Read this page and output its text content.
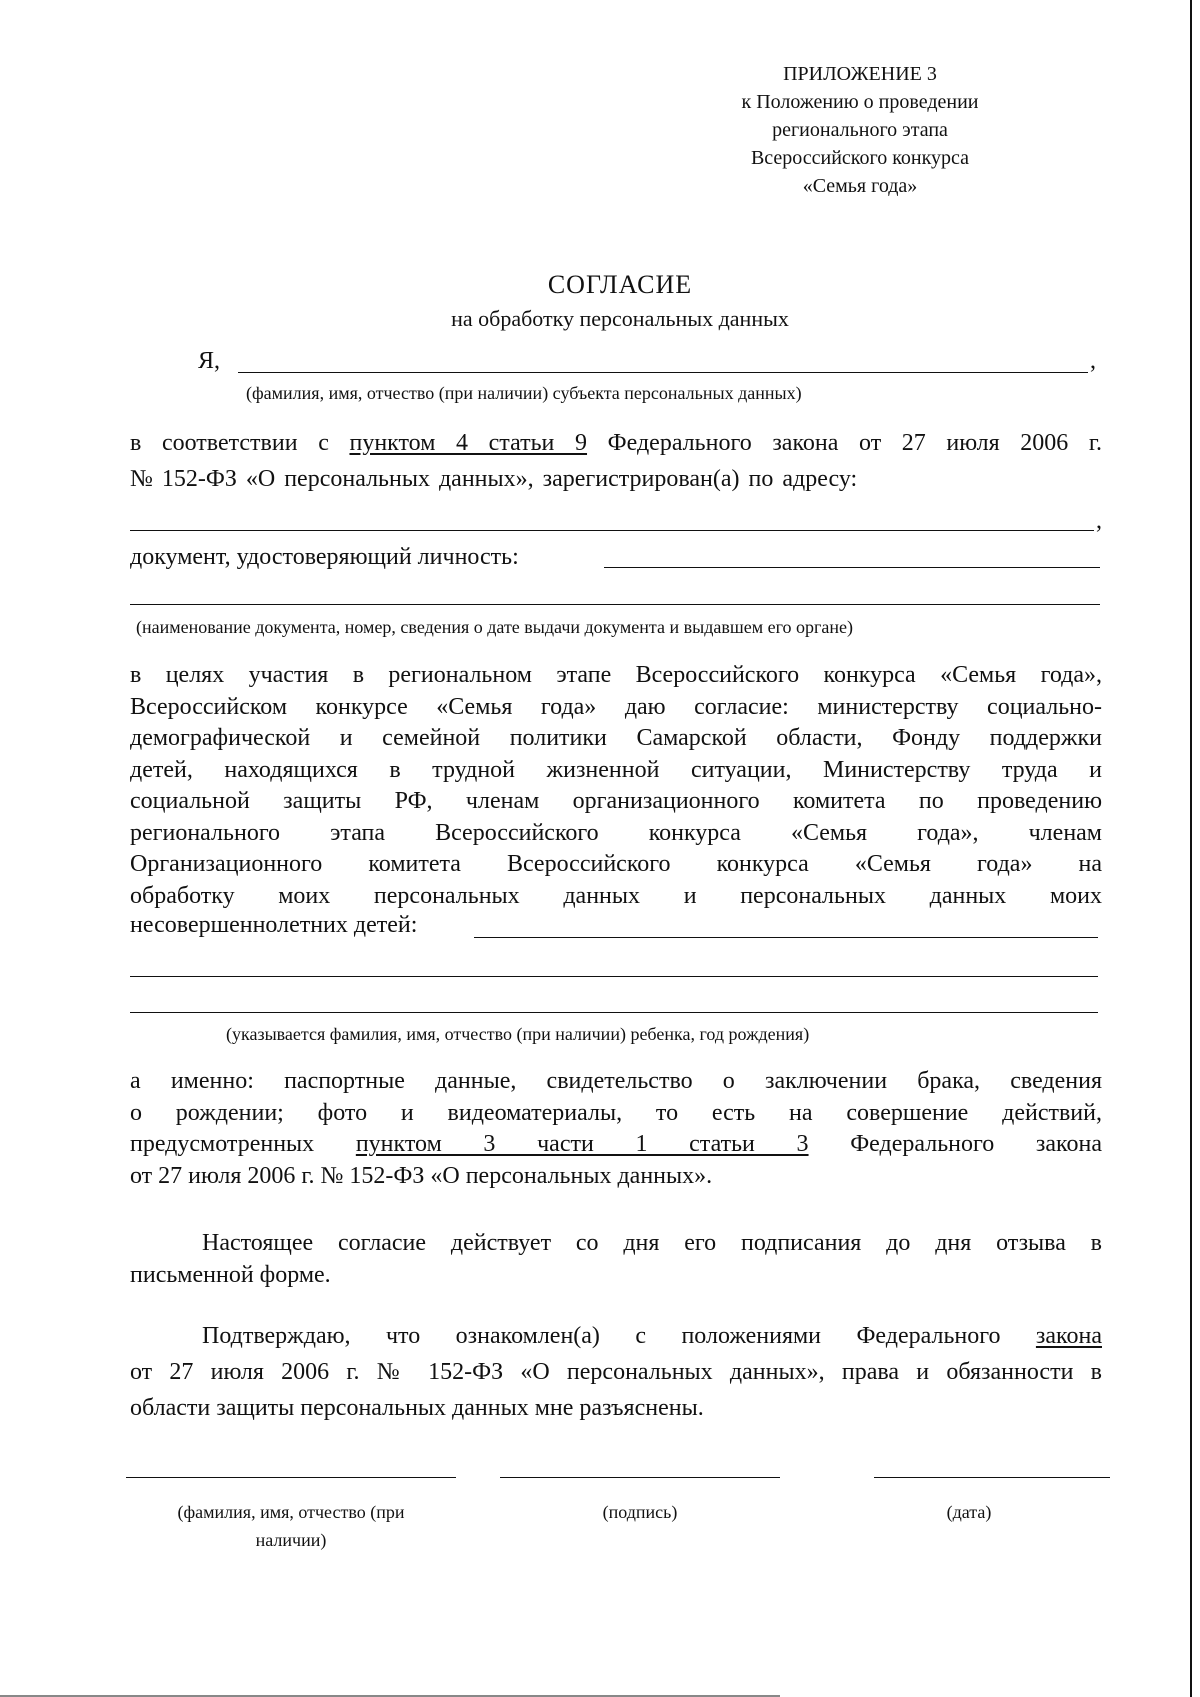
ПРИЛОЖЕНИЕ 3
к Положению о проведении
регионального этапа
Всероссийского конкурса
«Семья года»
СОГЛАСИЕ
на обработку персональных данных
Я,	,
(фамилия, имя, отчество (при наличии) субъекта персональных данных)
в соответствии с пунктом 4 статьи 9 Федерального закона от 27 июля 2006 г.
№ 152-ФЗ «О персональных данных», зарегистрирован(а) по адресу:
,
документ, удостоверяющий личность:
(наименование документа, номер, сведения о дате выдачи документа и выдавшем его органе)
в целях участия в региональном этапе Всероссийского конкурса «Семья года»,
Всероссийском конкурсе «Семья года» даю согласие: министерству социально-
демографической и семейной политики Самарской области, Фонду поддержки
детей, находящихся в трудной жизненной ситуации, Министерству труда и
социальной защиты РФ, членам организационного комитета по проведению
регионального этапа Всероссийского конкурса «Семья года», членам
Организационного комитета Всероссийского конкурса «Семья года» на
обработку моих персональных данных и персональных данных моих
несовершеннолетних детей:
(указывается фамилия, имя, отчество (при наличии) ребенка, год рождения)
а именно: паспортные данные, свидетельство о заключении брака, сведения
о рождении; фото и видеоматериалы, то есть на совершение действий,
предусмотренных пунктом 3 части 1 статьи 3 Федерального закона
от 27 июля 2006 г. № 152-ФЗ «О персональных данных».
Настоящее согласие действует со дня его подписания до дня отзыва в
письменной форме.
Подтверждаю, что ознакомлен(а) с положениями Федерального закона
от 27 июля 2006 г. № 152-ФЗ «О персональных данных», права и обязанности в
области защиты персональных данных мне разъяснены.
(фамилия, имя, отчество (при
наличии)
(подпись)	(дата)
